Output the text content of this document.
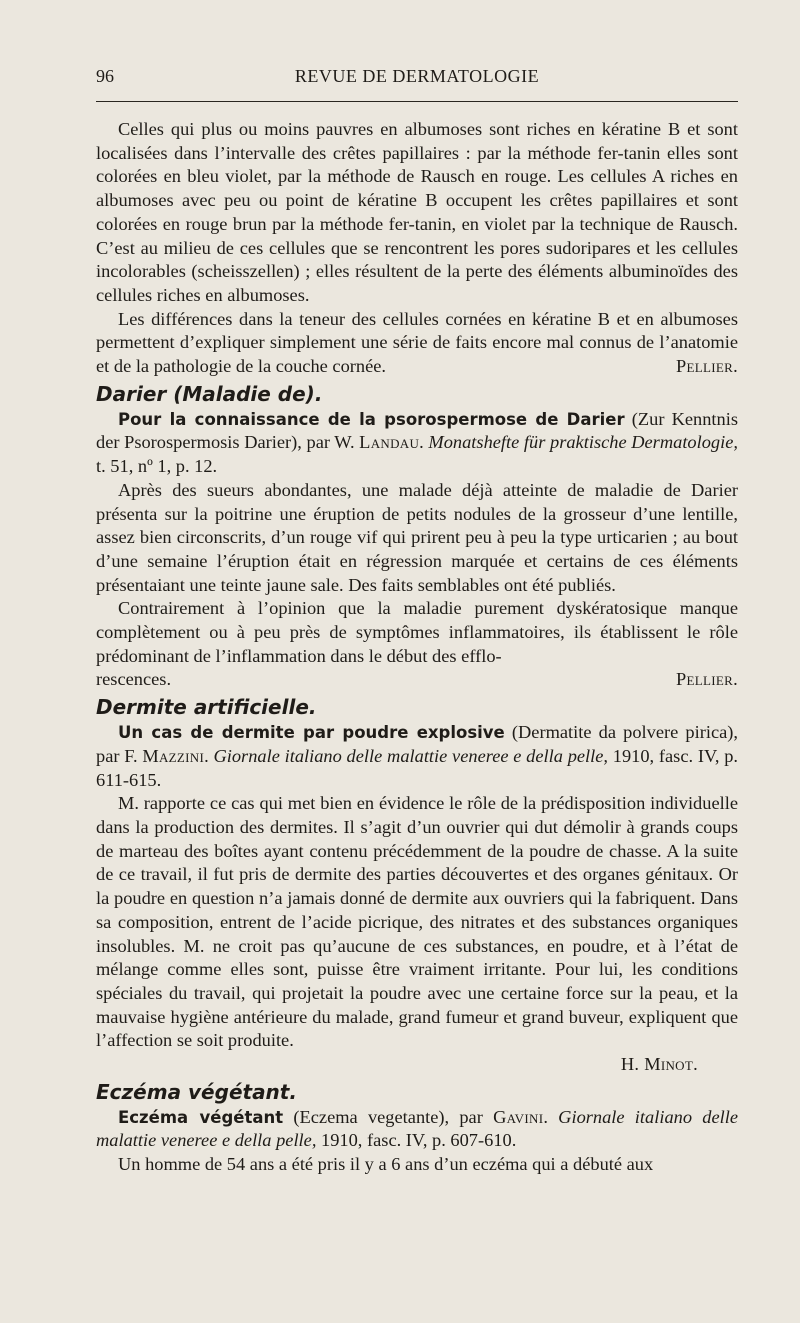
96	REVUE DE DERMATOLOGIE

Celles qui plus ou moins pauvres en albumoses sont riches en kératine B et sont localisées dans l’intervalle des crêtes papillaires : par la méthode fer-tanin elles sont colorées en bleu violet, par la méthode de Rausch en rouge. Les cellules A riches en albumoses avec peu ou point de kératine B occupent les crêtes papillaires et sont colorées en rouge brun par la méthode fer-tanin, en violet par la technique de Rausch. C’est au milieu de ces cellules que se rencontrent les pores sudoripares et les cellules incolorables (scheisszellen) ; elles résultent de la perte des éléments albuminoïdes des cellules riches en albumoses.

Les différences dans la teneur des cellules cornées en kératine B et en albumoses permettent d’expliquer simplement une série de faits encore mal connus de l’anatomie et de la pathologie de la couche cornée.	Pellier.

Darier (Maladie de).

Pour la connaissance de la psorospermose de Darier (Zur Kenntnis der Psorospermosis Darier), par W. Landau. Monatshefte für praktische Dermatologie, t. 51, nº 1, p. 12.

Après des sueurs abondantes, une malade déjà atteinte de maladie de Darier présenta sur la poitrine une éruption de petits nodules de la grosseur d’une lentille, assez bien circonscrits, d’un rouge vif qui prirent peu à peu la type urticarien ; au bout d’une semaine l’éruption était en régression marquée et certains de ces éléments présentaiant une teinte jaune sale. Des faits semblables ont été publiés.

Contrairement à l’opinion que la maladie purement dyskératosique manque complètement ou à peu près de symptômes inflammatoires, ils établissent le rôle prédominant de l’inflammation dans le début des efflo-

rescences.	Pellier.
Dermite artificielle.

Un cas de dermite par poudre explosive (Dermatite da polvere pirica), par F. Mazzini. Giornale italiano delle malattie veneree e della pelle, 1910, fasc. IV, p. 611-615.

M. rapporte ce cas qui met bien en évidence le rôle de la prédisposition individuelle dans la production des dermites. Il s’agit d’un ouvrier qui dut démolir à grands coups de marteau des boîtes ayant contenu précédemment de la poudre de chasse. A la suite de ce travail, il fut pris de dermite des parties découvertes et des organes génitaux. Or la poudre en question n’a jamais donné de dermite aux ouvriers qui la fabriquent. Dans sa composition, entrent de l’acide picrique, des nitrates et des substances organiques insolubles. M. ne croit pas qu’aucune de ces substances, en poudre, et à l’état de mélange comme elles sont, puisse être vraiment irritante. Pour lui, les conditions spéciales du travail, qui projetait la poudre avec une certaine force sur la peau, et la mauvaise hygiène antérieure du malade, grand fumeur et grand buveur, expliquent que l’affection se soit produite.

H. Minot.

Eczéma végétant.

Eczéma végétant (Eczema vegetante), par Gavini. Giornale italiano delle malattie veneree e della pelle, 1910, fasc. IV, p. 607-610.

Un homme de 54 ans a été pris il y a 6 ans d’un eczéma qui a débuté aux
